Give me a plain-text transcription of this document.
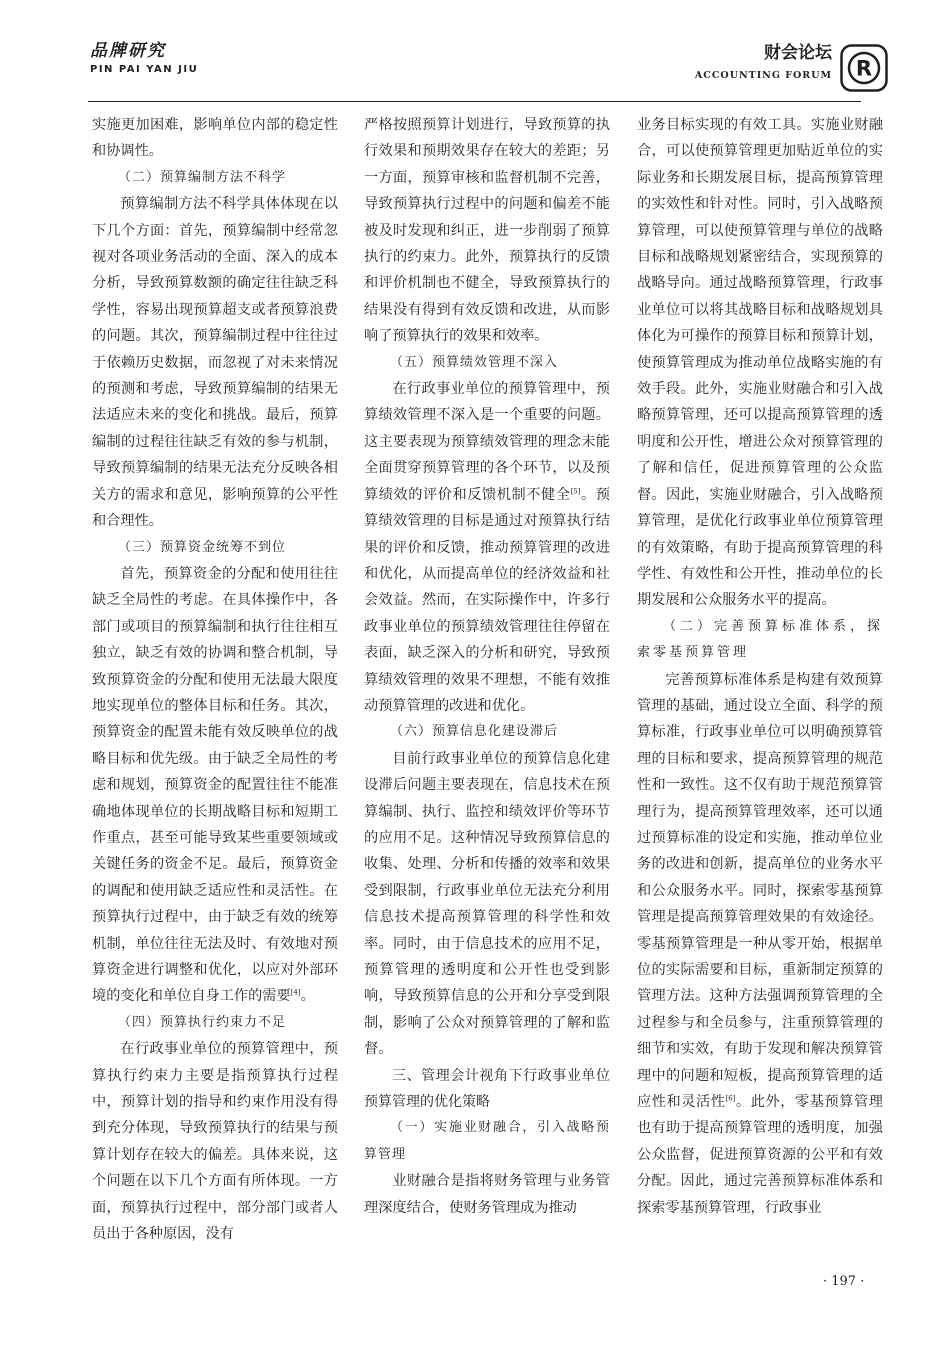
品牌研究
PIN PAI YAN JIU
财会论坛
ACCOUNTING FORUM R

实施更加困难，影响单位内部的稳定性和协调性。

（二）预算编制方法不科学

预算编制方法不科学具体体现在以下几个方面：首先，预算编制中经常忽视对各项业务活动的全面、深入的成本分析，导致预算数额的确定往往缺乏科学性，容易出现预算超支或者预算浪费的问题。其次，预算编制过程中往往过于依赖历史数据，而忽视了对未来情况的预测和考虑，导致预算编制的结果无法适应未来的变化和挑战。最后，预算编制的过程往往缺乏有效的参与机制，导致预算编制的结果无法充分反映各相关方的需求和意见，影响预算的公平性和合理性。

（三）预算资金统筹不到位

首先，预算资金的分配和使用往往缺乏全局性的考虑。在具体操作中，各部门或项目的预算编制和执行往往相互独立，缺乏有效的协调和整合机制，导致预算资金的分配和使用无法最大限度地实现单位的整体目标和任务。其次，预算资金的配置未能有效反映单位的战略目标和优先级。由于缺乏全局性的考虑和规划，预算资金的配置往往不能准确地体现单位的长期战略目标和短期工作重点，甚至可能导致某些重要领域或关键任务的资金不足。最后，预算资金的调配和使用缺乏适应性和灵活性。在预算执行过程中，由于缺乏有效的统筹机制，单位往往无法及时、有效地对预算资金进行调整和优化，以应对外部环境的变化和单位自身工作的需要[4]。

（四）预算执行约束力不足

在行政事业单位的预算管理中，预算执行约束力主要是指预算执行过程中，预算计划的指导和约束作用没有得到充分体现，导致预算执行的结果与预算计划存在较大的偏差。具体来说，这个问题在以下几个方面有所体现。一方面，预算执行过程中，部分部门或者人员出于各种原因，没有

严格按照预算计划进行，导致预算的执行效果和预期效果存在较大的差距；另一方面，预算审核和监督机制不完善，导致预算执行过程中的问题和偏差不能被及时发现和纠正，进一步削弱了预算执行的约束力。此外，预算执行的反馈和评价机制也不健全，导致预算执行的结果没有得到有效反馈和改进，从而影响了预算执行的效果和效率。

（五）预算绩效管理不深入

在行政事业单位的预算管理中，预算绩效管理不深入是一个重要的问题。这主要表现为预算绩效管理的理念未能全面贯穿预算管理的各个环节，以及预算绩效的评价和反馈机制不健全[5]。预算绩效管理的目标是通过对预算执行结果的评价和反馈，推动预算管理的改进和优化，从而提高单位的经济效益和社会效益。然而，在实际操作中，许多行政事业单位的预算绩效管理往往停留在表面，缺乏深入的分析和研究，导致预算绩效管理的效果不理想，不能有效推动预算管理的改进和优化。

（六）预算信息化建设滞后

目前行政事业单位的预算信息化建设滞后问题主要表现在，信息技术在预算编制、执行、监控和绩效评价等环节的应用不足。这种情况导致预算信息的收集、处理、分析和传播的效率和效果受到限制，行政事业单位无法充分利用信息技术提高预算管理的科学性和效率。同时，由于信息技术的应用不足，预算管理的透明度和公开性也受到影响，导致预算信息的公开和分享受到限制，影响了公众对预算管理的了解和监督。

三、管理会计视角下行政事业单位预算管理的优化策略
（一）实施业财融合，引入战略预算管理

业财融合是指将财务管理与业务管理深度结合，使财务管理成为推动

业务目标实现的有效工具。实施业财融合，可以使预算管理更加贴近单位的实际业务和长期发展目标，提高预算管理的实效性和针对性。同时，引入战略预算管理，可以使预算管理与单位的战略目标和战略规划紧密结合，实现预算的战略导向。通过战略预算管理，行政事业单位可以将其战略目标和战略规划具体化为可操作的预算目标和预算计划，使预算管理成为推动单位战略实施的有效手段。此外，实施业财融合和引入战略预算管理，还可以提高预算管理的透明度和公开性，增进公众对预算管理的了解和信任，促进预算管理的公众监督。因此，实施业财融合，引入战略预算管理，是优化行政事业单位预算管理的有效策略，有助于提高预算管理的科学性、有效性和公开性，推动单位的长期发展和公众服务水平的提高。

（二）完善预算标准体系，探索零基预算管理

完善预算标准体系是构建有效预算管理的基础，通过设立全面、科学的预算标准，行政事业单位可以明确预算管理的目标和要求，提高预算管理的规范性和一致性。这不仅有助于规范预算管理行为，提高预算管理效率，还可以通过预算标准的设定和实施，推动单位业务的改进和创新，提高单位的业务水平和公众服务水平。同时，探索零基预算管理是提高预算管理效果的有效途径。零基预算管理是一种从零开始，根据单位的实际需要和目标，重新制定预算的管理方法。这种方法强调预算管理的全过程参与和全员参与，注重预算管理的细节和实效，有助于发现和解决预算管理中的问题和短板，提高预算管理的适应性和灵活性[6]。此外，零基预算管理也有助于提高预算管理的透明度，加强公众监督，促进预算资源的公平和有效分配。因此，通过完善预算标准体系和探索零基预算管理，行政事业

· 197 ·
